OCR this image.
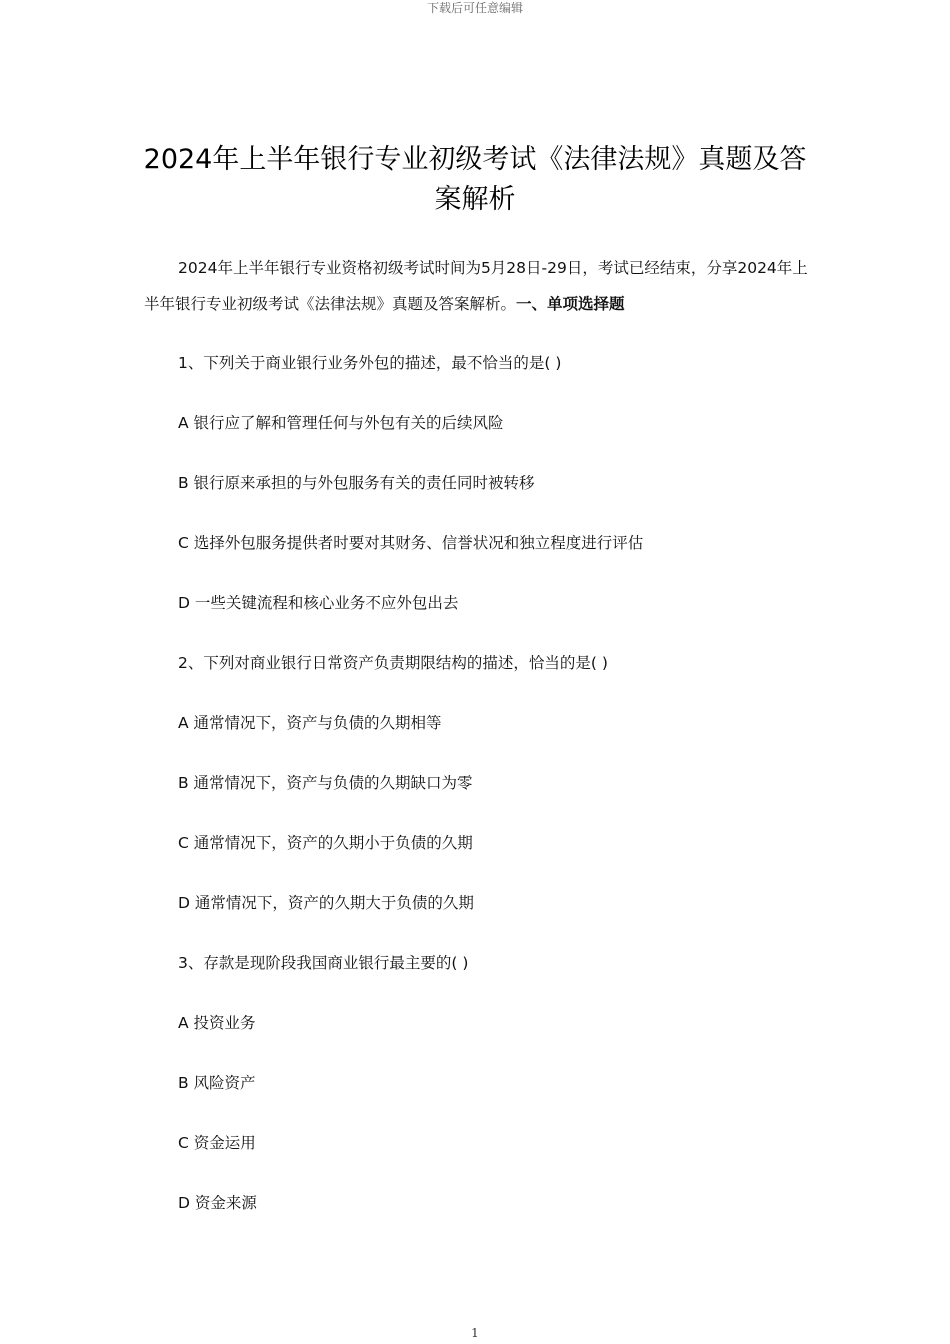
下载后可任意编辑
2024年上半年银行专业初级考试《法律法规》真题及答案解析

2024年上半年银行专业资格初级考试时间为5月28日-29日，考试已经结束，分享2024年上半年银行专业初级考试《法律法规》真题及答案解析。一、单项选择题

1、下列关于商业银行业务外包的描述，最不恰当的是( )
A 银行应了解和管理任何与外包有关的后续风险
B 银行原来承担的与外包服务有关的责任同时被转移
C 选择外包服务提供者时要对其财务、信誉状况和独立程度进行评估
D 一些关键流程和核心业务不应外包出去
2、下列对商业银行日常资产负责期限结构的描述，恰当的是( )
A 通常情况下，资产与负债的久期相等
B 通常情况下，资产与负债的久期缺口为零
C 通常情况下，资产的久期小于负债的久期
D 通常情况下，资产的久期大于负债的久期
3、存款是现阶段我国商业银行最主要的( )
A 投资业务
B 风险资产
C 资金运用
D 资金来源
1
